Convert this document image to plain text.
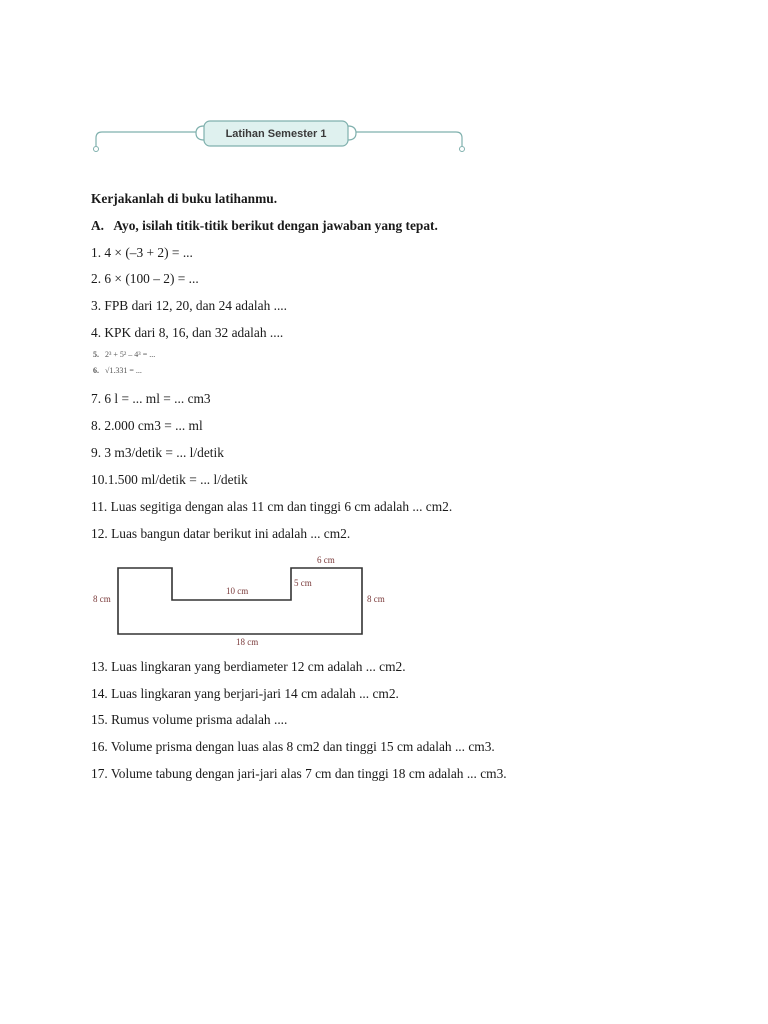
Latihan Semester 1
Kerjakanlah di buku latihanmu.
A. Ayo, isilah titik-titik berikut dengan jawaban yang tepat.
1. 4 × (–3 + 2) = ...
2. 6 × (100 – 2) = ...
3. FPB dari 12, 20, dan 24 adalah ....
4. KPK dari 8, 16, dan 32 adalah ....
5. 2³ + 5² – 4³ = ...
6. √1.331 = ...
7. 6 l = ... ml = ... cm3
8. 2.000 cm3 = ... ml
9. 3 m3/detik = ... l/detik
10.1.500 ml/detik = ... l/detik
11. Luas segitiga dengan alas 11 cm dan tinggi 6 cm adalah ... cm2.
12. Luas bangun datar berikut ini adalah ... cm2.
8 cm	8 cm
6 cm
5 cm
10 cm
18 cm
13. Luas lingkaran yang berdiameter 12 cm adalah ... cm2.
14. Luas lingkaran yang berjari-jari 14 cm adalah ... cm2.
15. Rumus volume prisma adalah ....
16. Volume prisma dengan luas alas 8 cm2 dan tinggi 15 cm adalah ... cm3.
17. Volume tabung dengan jari-jari alas 7 cm dan tinggi 18 cm adalah ... cm3.
